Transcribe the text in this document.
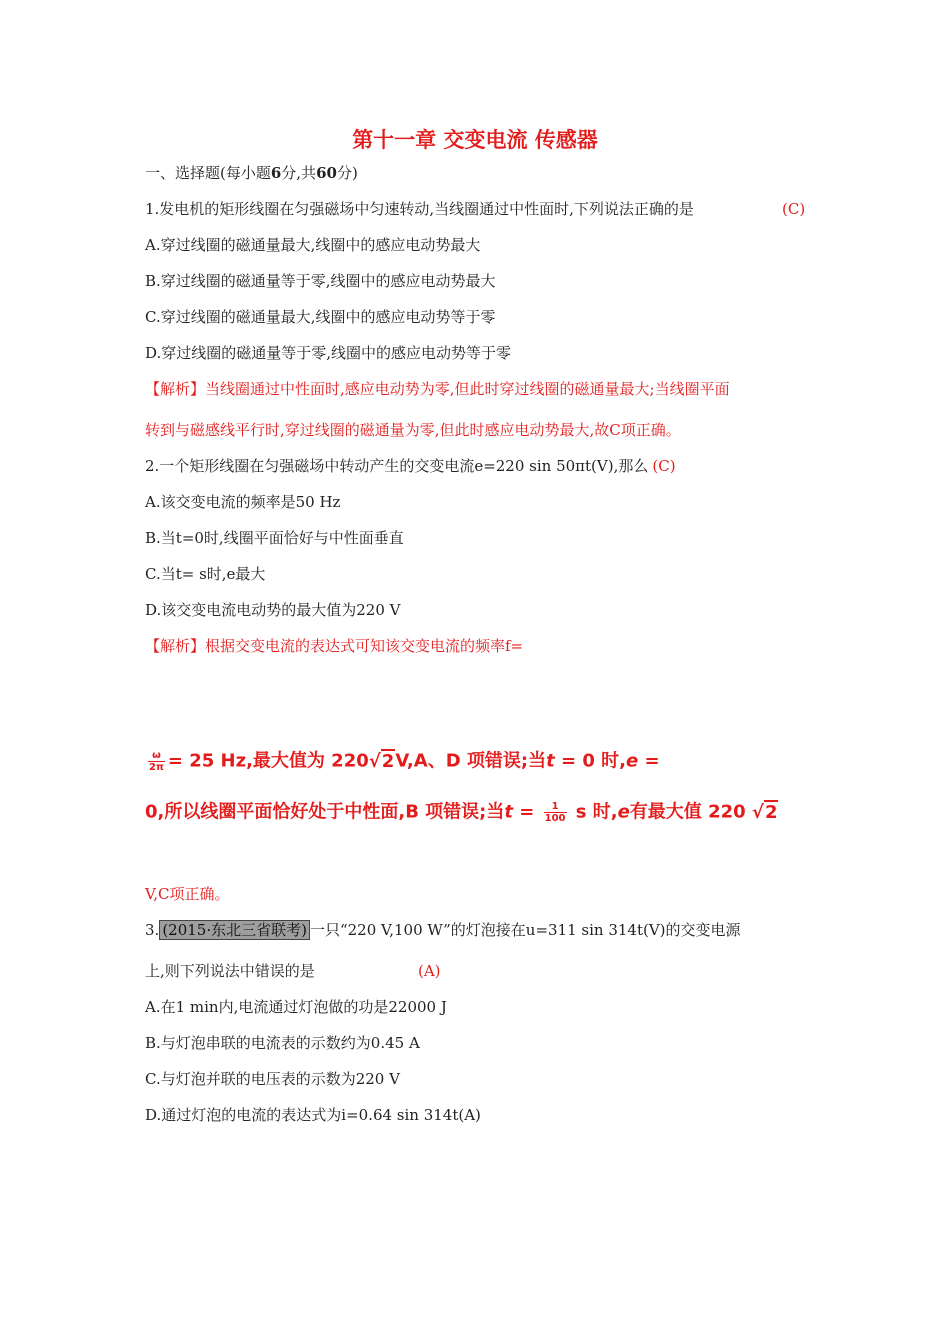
第十一章 交变电流 传感器
一、选择题(每小题6分,共60分)
1.发电机的矩形线圈在匀强磁场中匀速转动,当线圈通过中性面时,下列说法正确的是	(C)
A.穿过线圈的磁通量最大,线圈中的感应电动势最大
B.穿过线圈的磁通量等于零,线圈中的感应电动势最大
C.穿过线圈的磁通量最大,线圈中的感应电动势等于零
D.穿过线圈的磁通量等于零,线圈中的感应电动势等于零
【解析】当线圈通过中性面时,感应电动势为零,但此时穿过线圈的磁通量最大;当线圈平面
转到与磁感线平行时,穿过线圈的磁通量为零,但此时感应电动势最大,故C项正确。
2.一个矩形线圈在匀强磁场中转动产生的交变电流e=220 sin 50πt(V),那么 (C)
A.该交变电流的频率是50 Hz
B.当t=0时,线圈平面恰好与中性面垂直
C.当t= s时,e最大
D.该交变电流电动势的最大值为220 V
【解析】根据交变电流的表达式可知该交变电流的频率f=
$\frac{\omega}{2\pi} = 25$ Hz,最大值为 220√2V,A、D 项错误;当t = 0 时,e =
0,所以线圈平面恰好处于中性面,B 项错误;当$t = \frac{1}{100}$ s 时,e有最大值 220 √2
V,C项正确。
3. (2015·东北三省联考) 一只“220 V,100 W”的灯泡接在u=311 sin 314t(V)的交变电源
上,则下列说法中错误的是	(A)
A.在1 min内,电流通过灯泡做的功是22000 J
B.与灯泡串联的电流表的示数约为0.45 A
C.与灯泡并联的电压表的示数为220 V
D.通过灯泡的电流的表达式为i=0.64 sin 314t(A)
